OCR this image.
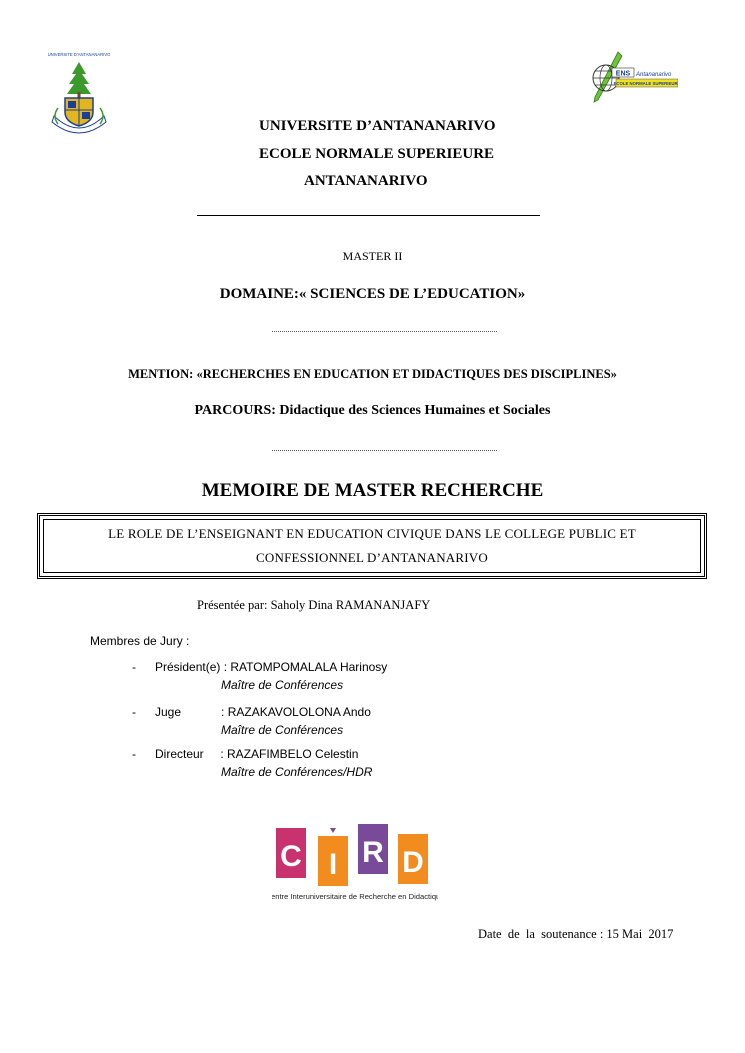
UNIVERSITE D'ANTANANARIVO
ENS Antananarivo
ECOLE NORMALE SUPERIEURE
UNIVERSITE D’ANTANANARIVO
ECOLE NORMALE SUPERIEURE
ANTANANARIVO
MASTER II
DOMAINE:« SCIENCES DE L’EDUCATION»
MENTION: «RECHERCHES EN EDUCATION ET DIDACTIQUES DES DISCIPLINES»
PARCOURS: Didactique des Sciences Humaines et Sociales
MEMOIRE DE MASTER RECHERCHE
LE ROLE DE L’ENSEIGNANT EN EDUCATION CIVIQUE DANS LE COLLEGE PUBLIC ET
CONFESSIONNEL D’ANTANANARIVO
Présentée par: Saholy Dina RAMANANJAFY
Membres de Jury :
- Président(e) : RATOMPOMALALA Harinosy
Maître de Conférences
- Juge            : RAZAKAVOLOLONA Ando
Maître de Conférences
- Directeur     : RAZAFIMBELO Celestin
Maître de Conférences/HDR
C I R D
Centre Interuniversitaire de Recherche en Didactique
Date  de  la  soutenance : 15 Mai  2017
